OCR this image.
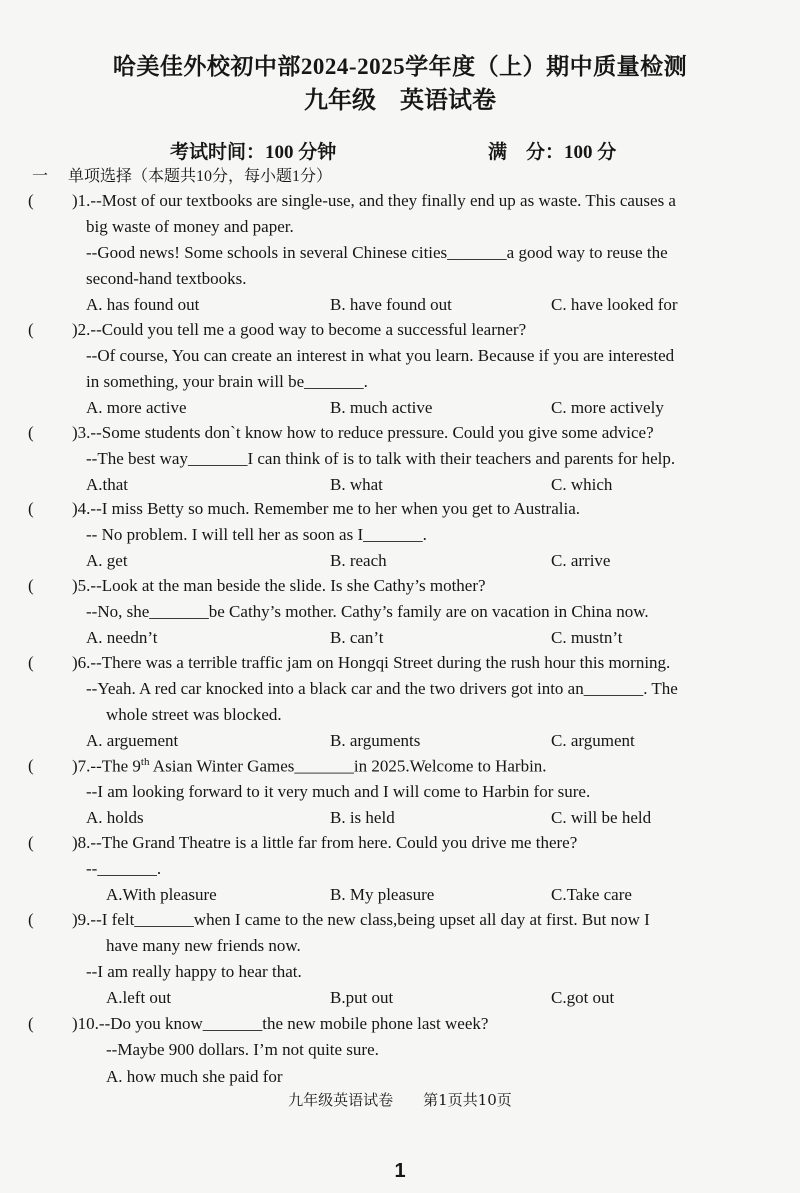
哈美佳外校初中部2024-2025学年度（上）期中质量检测
九年级　英语试卷
考试时间：100 分钟	满　分：100 分
一 单项选择（本题共10分，每小题1分）
( )1.--Most of our textbooks are single-use, and they finally end up as waste. This causes a
big waste of money and paper.
--Good news! Some schools in several Chinese cities_______a good way to reuse the
second-hand textbooks.
A. has found out	B. have found out	C. have looked for
( )2.--Could you tell me a good way to become a successful learner?
--Of course, You can create an interest in what you learn. Because if you are interested
in something, your brain will be_______.
A. more active	B. much active	C. more actively
( )3.--Some students don`t know how to reduce pressure. Could you give some advice?
--The best way_______I can think of is to talk with their teachers and parents for help.
A.that	B. what	C. which
( )4.--I miss Betty so much. Remember me to her when you get to Australia.
-- No problem. I will tell her as soon as I_______.
A. get	B. reach	C. arrive
( )5.--Look at the man beside the slide. Is she Cathy’s mother?
--No, she_______be Cathy’s mother. Cathy’s family are on vacation in China now.
A. needn’t	B. can’t	C. mustn’t
( )6.--There was a terrible traffic jam on Hongqi Street during the rush hour this morning.
--Yeah. A red car knocked into a black car and the two drivers got into an_______. The
whole street was blocked.
A. arguement	B. arguments	C. argument
( )7.--The 9th Asian Winter Games_______in 2025.Welcome to Harbin.
--I am looking forward to it very much and I will come to Harbin for sure.
A. holds	B. is held	C. will be held
( )8.--The Grand Theatre is a little far from here. Could you drive me there?
--_______.
A.With pleasure	B. My pleasure	C.Take care
( )9.--I felt_______when I came to the new class,being upset all day at first. But now I
have many new friends now.
--I am really happy to hear that.
A.left out	B.put out	C.got out
( )10.--Do you know_______the new mobile phone last week?
--Maybe 900 dollars. I’m not quite sure.
A. how much she paid for
九年级英语试卷　　第1页共10页
1
